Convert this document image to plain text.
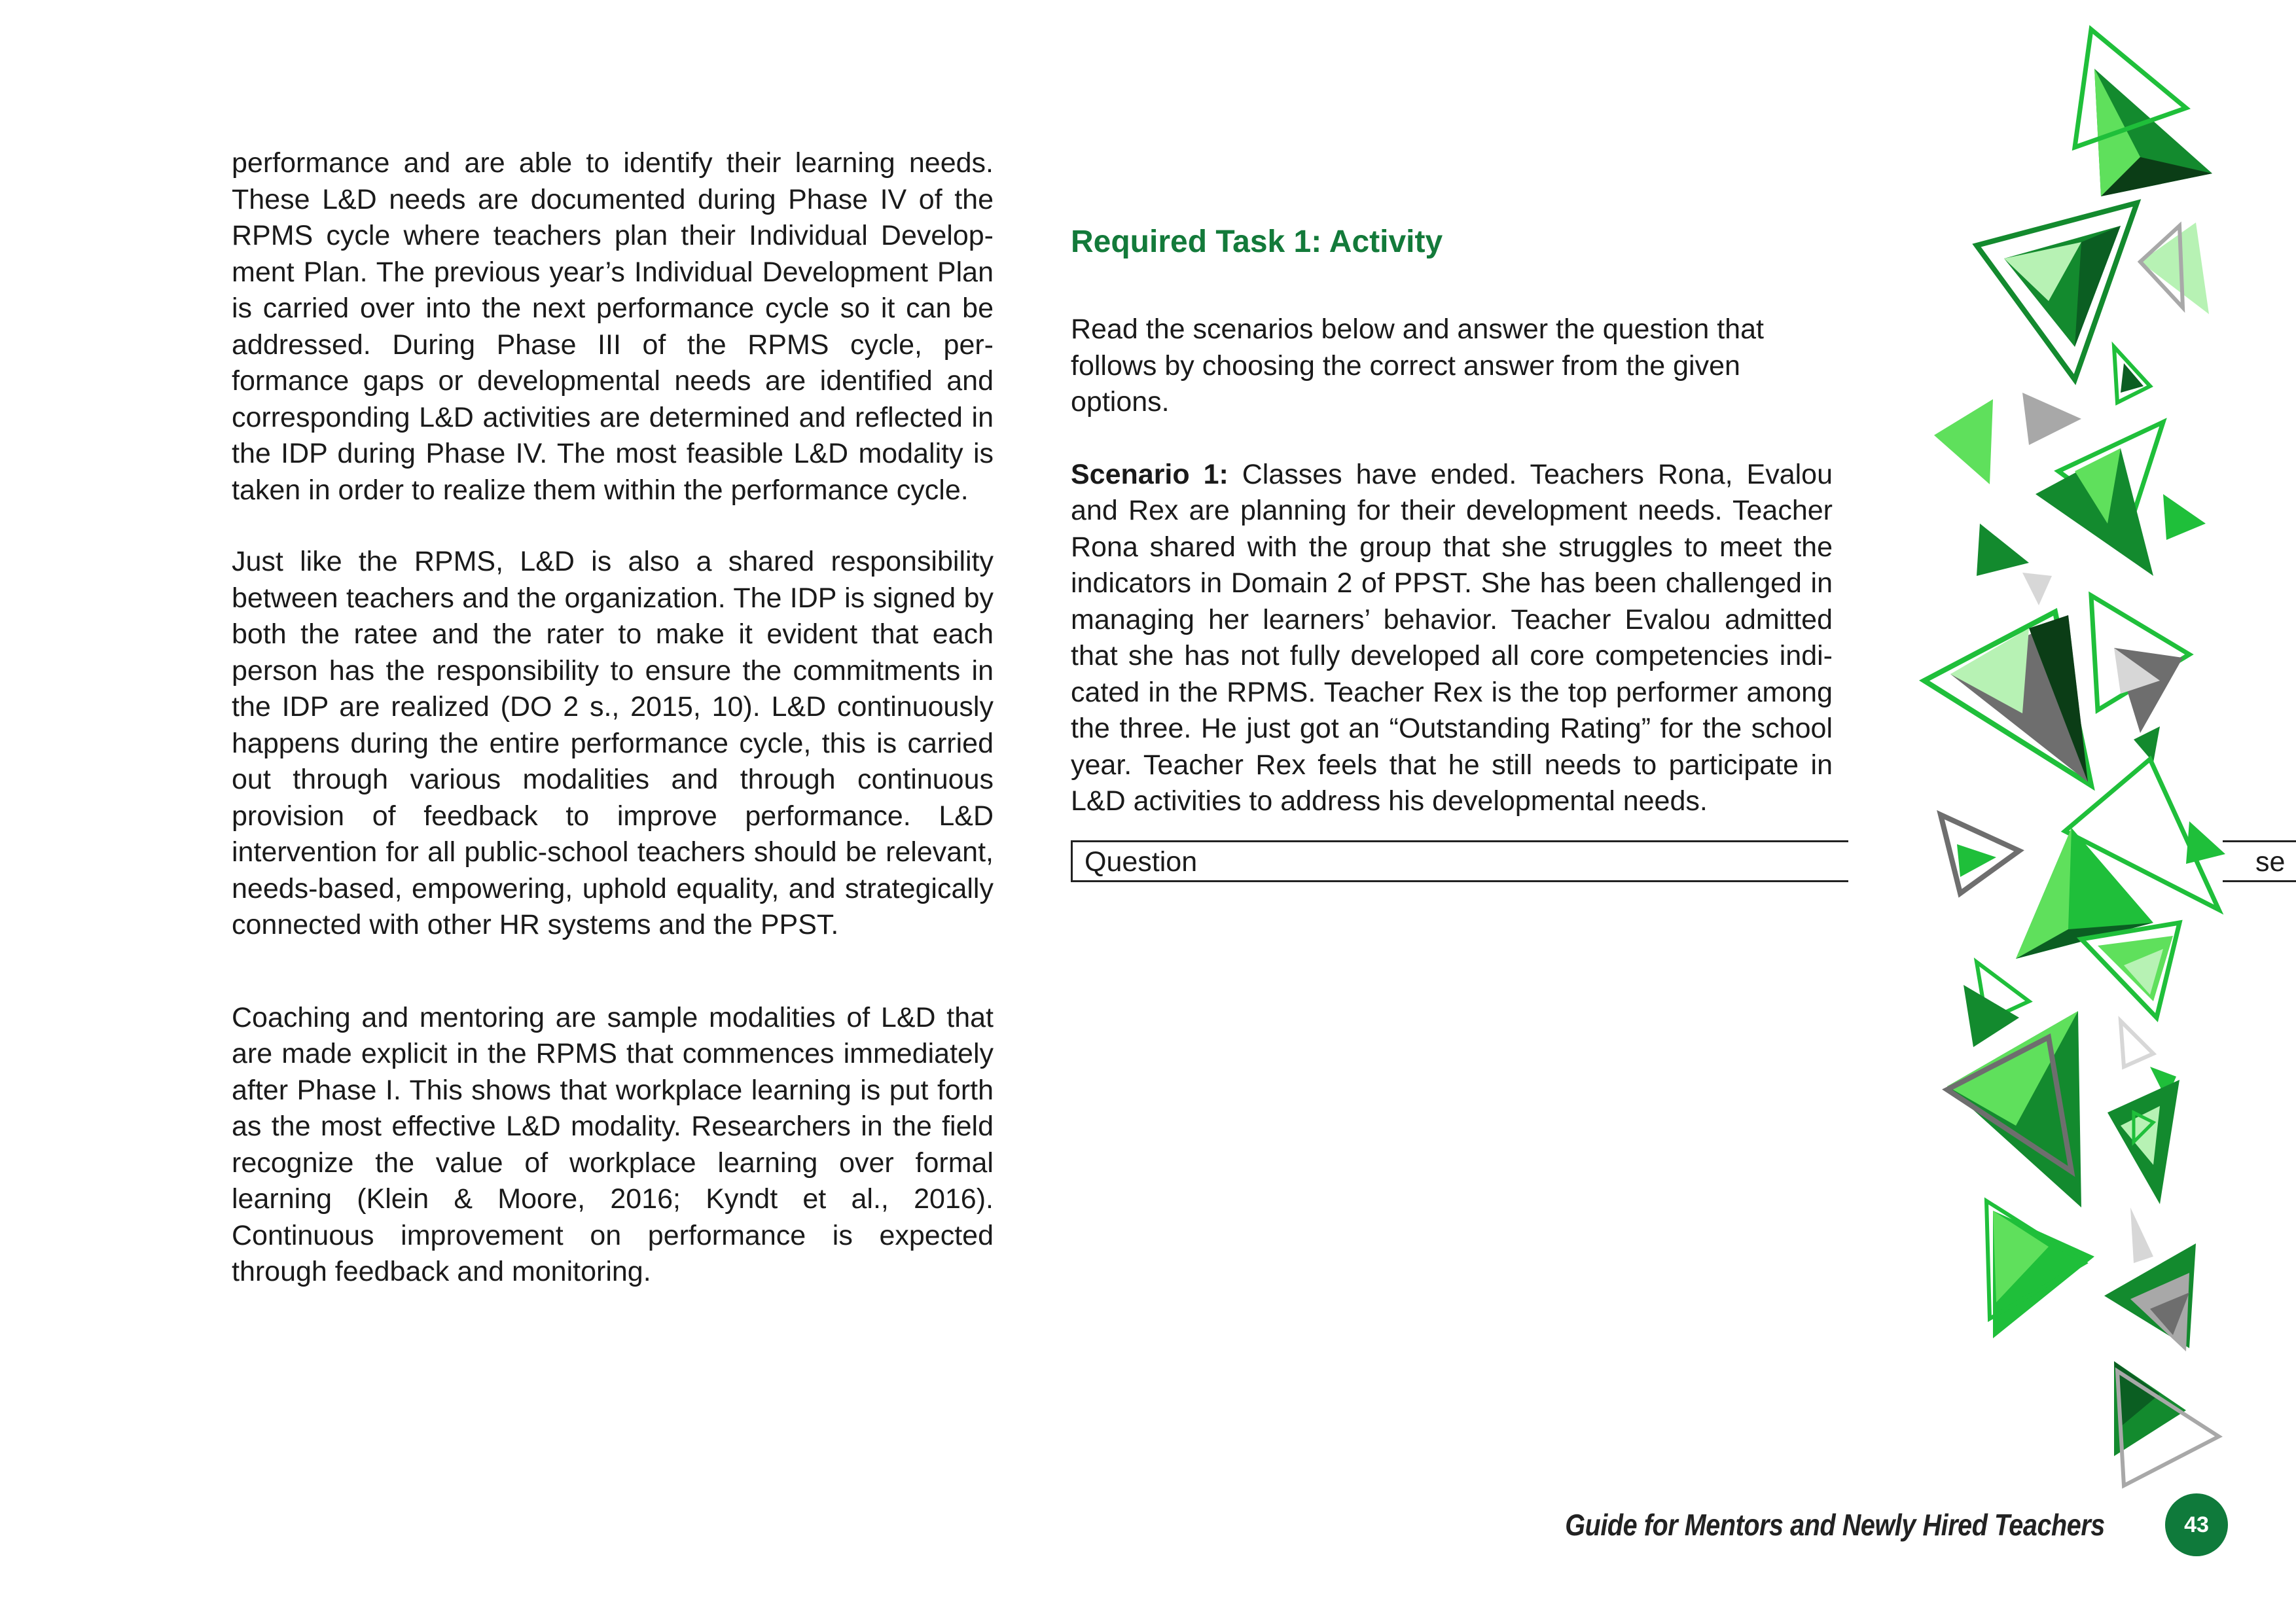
performance and are able to identify their learning needs. These L&D needs are documented during Phase IV of the RPMS cycle where teachers plan their Individual Develop-ment Plan. The previous year’s Individual Development Plan is carried over into the next performance cycle so it can be addressed. During Phase III of the RPMS cycle, per-formance gaps or developmental needs are identified and corresponding L&D activities are determined and reflected in the IDP during Phase IV. The most feasible L&D modality is taken in order to realize them within the performance cycle.

Just like the RPMS, L&D is also a shared responsibility between teachers and the organization. The IDP is signed by both the ratee and the rater to make it evident that each person has the responsibility to ensure the commitments in the IDP are realized (DO 2 s., 2015, 10). L&D continuously happens during the entire performance cycle, this is carried out through various modalities and through continuous provision of feedback to improve performance. L&D intervention for all public-school teachers should be relevant, needs-based, empowering, uphold equality, and strategically connected with other HR systems and the PPST.

Coaching and mentoring are sample modalities of L&D that are made explicit in the RPMS that commences immediately after Phase I. This shows that workplace learning is put forth as the most effective L&D modality. Researchers in the field recognize the value of workplace learning over formal learning (Klein & Moore, 2016; Kyndt et al., 2016). Continuous improvement on performance is expected through feedback and monitoring.

Required Task 1: Activity

Read the scenarios below and answer the question that follows by choosing the correct answer from the given options.

Scenario 1: Classes have ended. Teachers Rona, Evalou and Rex are planning for their development needs. Teacher Rona shared with the group that she struggles to meet the indicators in Domain 2 of PPST. She has been challenged in managing her learners’ behavior. Teacher Evalou admitted that she has not fully developed all core competencies indi-cated in the RPMS. Teacher Rex is the top performer among the three. He just got an “Outstanding Rating” for the school year. Teacher Rex feels that he still needs to participate in L&D activities to address his developmental needs.

Question	se
Guide for Mentors and Newly Hired Teachers	43
